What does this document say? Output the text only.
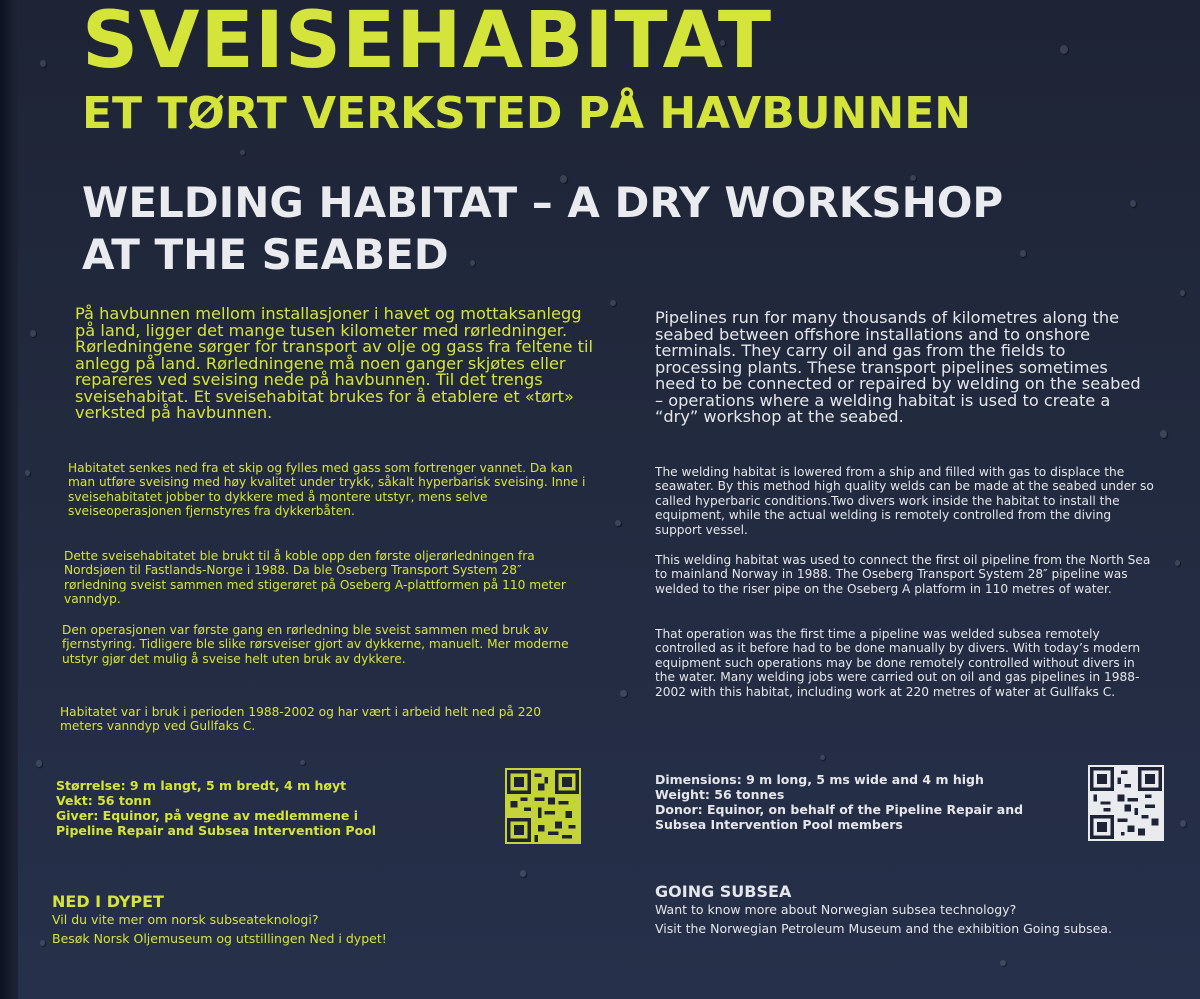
SVEISEHABITAT
ET TØRT VERKSTED PÅ HAVBUNNEN
WELDING HABITAT – A DRY WORKSHOP
AT THE SEABED

På havbunnen mellom installasjoner i havet og mottaksanlegg på land, ligger det mange tusen kilometer med rørledninger. Rørledningene sørger for transport av olje og gass fra feltene til anlegg på land. Rørledningene må noen ganger skjøtes eller repareres ved sveising nede på havbunnen. Til det trengs sveisehabitat. Et sveisehabitat brukes for å etablere et «tørt» verksted på havbunnen.

Habitatet senkes ned fra et skip og fylles med gass som fortrenger vannet. Da kan man utføre sveising med høy kvalitet under trykk, såkalt hyperbarisk sveising. Inne i sveisehabitatet jobber to dykkere med å montere utstyr, mens selve sveiseoperasjonen fjernstyres fra dykkerbåten.

Dette sveisehabitatet ble brukt til å koble opp den første oljerørledningen fra Nordsjøen til Fastlands-Norge i 1988. Da ble Oseberg Transport System 28″ rørledning sveist sammen med stigerøret på Oseberg A-plattformen på 110 meter vanndyp.

Den operasjonen var første gang en rørledning ble sveist sammen med bruk av fjernstyring. Tidligere ble slike rørsveiser gjort av dykkerne, manuelt. Mer moderne utstyr gjør det mulig å sveise helt uten bruk av dykkere.

Habitatet var i bruk i perioden 1988-2002 og har vært i arbeid helt ned på 220 meters vanndyp ved Gullfaks C.

Størrelse: 9 m langt, 5 m bredt, 4 m høyt
Vekt: 56 tonn
Giver: Equinor, på vegne av medlemmene i
Pipeline Repair and Subsea Intervention Pool
NED I DYPET
Vil du vite mer om norsk subseateknologi?
Besøk Norsk Oljemuseum og utstillingen Ned i dypet!

Pipelines run for many thousands of kilometres along the seabed between offshore installations and to onshore terminals. They carry oil and gas from the fields to processing plants. These transport pipelines sometimes need to be connected or repaired by welding on the seabed – operations where a welding habitat is used to create a “dry” workshop at the seabed.

The welding habitat is lowered from a ship and filled with gas to displace the seawater. By this method high quality welds can be made at the seabed under so called hyperbaric conditions.Two divers work inside the habitat to install the equipment, while the actual welding is remotely controlled from the diving support vessel.

This welding habitat was used to connect the first oil pipeline from the North Sea to mainland Norway in 1988. The Oseberg Transport System 28″ pipeline was welded to the riser pipe on the Oseberg A platform in 110 metres of water.

That operation was the first time a pipeline was welded subsea remotely controlled as it before had to be done manually by divers. With today’s modern equipment such operations may be done remotely controlled without divers in the water. Many welding jobs were carried out on oil and gas pipelines in 1988-2002 with this habitat, including work at 220 metres of water at Gullfaks C.

Dimensions: 9 m long, 5 ms wide and 4 m high
Weight: 56 tonnes
Donor: Equinor, on behalf of the Pipeline Repair and
Subsea Intervention Pool members
GOING SUBSEA
Want to know more about Norwegian subsea technology?
Visit the Norwegian Petroleum Museum and the exhibition Going subsea.
